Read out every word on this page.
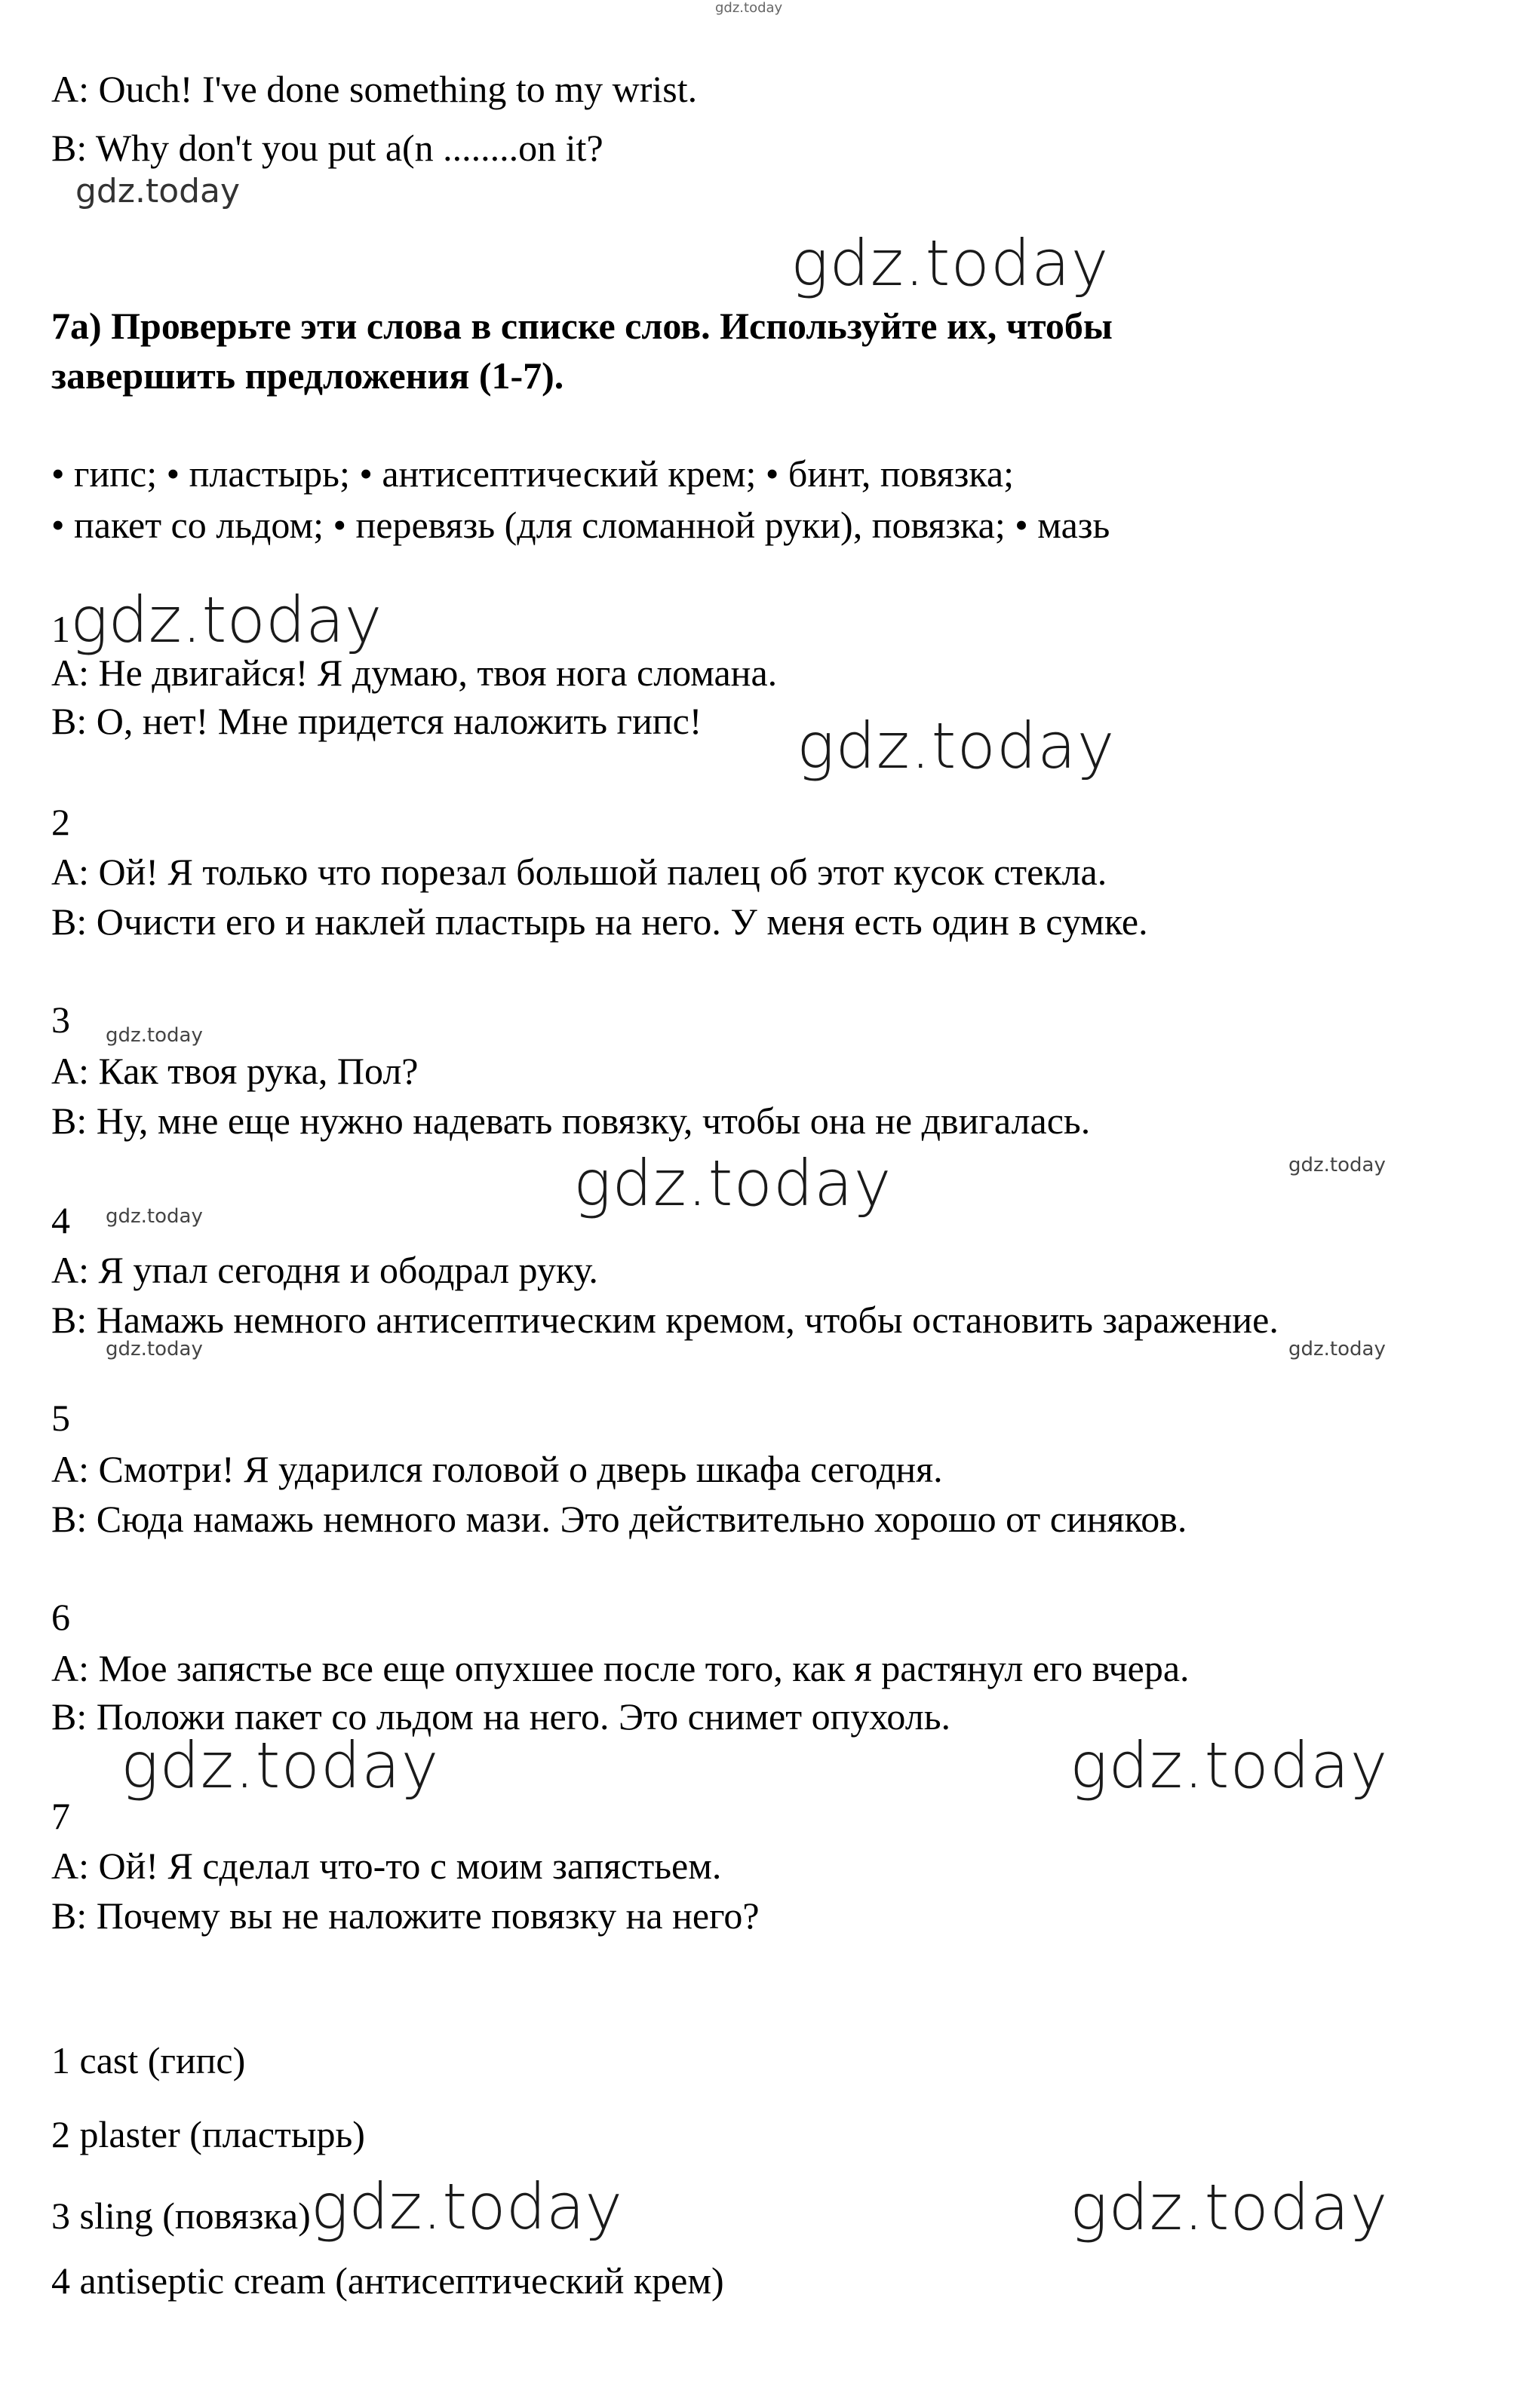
gdz.today
A: Ouch! I've done something to my wrist.
B: Why don't you put a(n ........on it?
gdz.today
gdz.today
7a) Проверьте эти слова в списке слов. Используйте их, чтобы
завершить предложения (1-7).
• гипс; • пластырь; • антисептический крем; • бинт, повязка;
• пакет со льдом; • перевязь (для сломанной руки), повязка; • мазь
1gdz.today
A: Не двигайся! Я думаю, твоя нога сломана.
B: О, нет! Мне придется наложить гипс! gdz.today
2
A: Ой! Я только что порезал большой палец об этот кусок стекла.
B: Очисти его и наклей пластырь на него. У меня есть один в сумке.
3 gdz.today
A: Как твоя рука, Пол?
B: Ну, мне еще нужно надевать повязку, чтобы она не двигалась.
gdz.today
gdz.today
4 gdz.today
A: Я упал сегодня и ободрал руку.
B: Намажь немного антисептическим кремом, чтобы остановить заражение.
gdz.today	gdz.today
5
A: Смотри! Я ударился головой о дверь шкафа сегодня.
B: Сюда намажь немного мази. Это действительно хорошо от синяков.
6
A: Мое запястье все еще опухшее после того, как я растянул его вчера.
B: Положи пакет со льдом на него. Это снимет опухоль.
gdz.today	gdz.today
7
A: Ой! Я сделал что-то с моим запястьем.
B: Почему вы не наложите повязку на него?
1 cast (гипс)
2 plaster (пластырь)
3 sling (повязка)gdz.today	gdz.today
4 antiseptic cream (антисептический крем)
